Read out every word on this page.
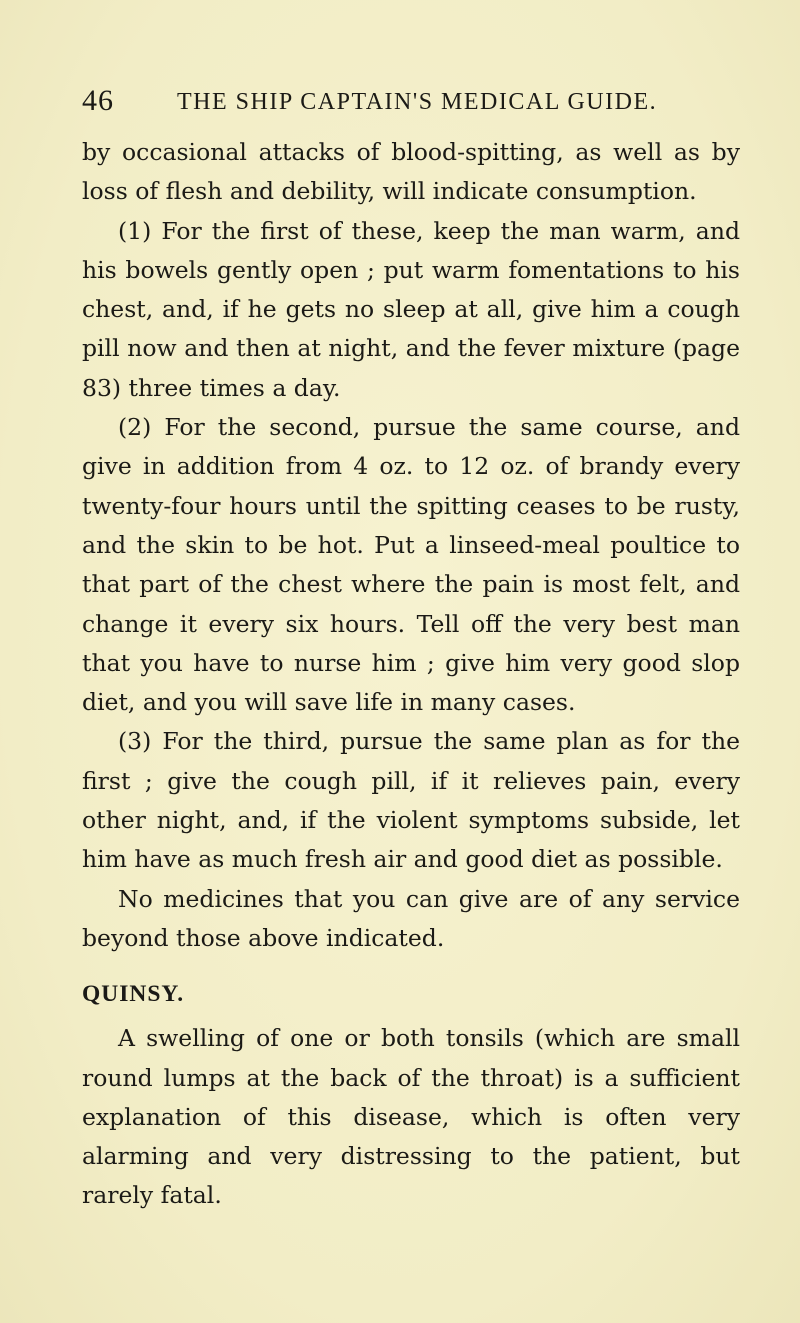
46	THE SHIP CAPTAIN'S MEDICAL GUIDE.

by occasional attacks of blood-spitting, as well as by loss of flesh and debility, will indicate consumption.

(1) For the first of these, keep the man warm, and his bowels gently open ; put warm fomentations to his chest, and, if he gets no sleep at all, give him a cough pill now and then at night, and the fever mixture (page 83) three times a day.

(2) For the second, pursue the same course, and give in addition from 4 oz. to 12 oz. of brandy every twenty-four hours until the spitting ceases to be rusty, and the skin to be hot. Put a linseed-meal poultice to that part of the chest where the pain is most felt, and change it every six hours. Tell off the very best man that you have to nurse him ; give him very good slop diet, and you will save life in many cases.

(3) For the third, pursue the same plan as for the first ; give the cough pill, if it relieves pain, every other night, and, if the violent symptoms subside, let him have as much fresh air and good diet as possible.

No medicines that you can give are of any service beyond those above indicated.

QUINSY.

A swelling of one or both tonsils (which are small round lumps at the back of the throat) is a sufficient explanation of this disease, which is often very alarming and very distressing to the patient, but rarely fatal.
